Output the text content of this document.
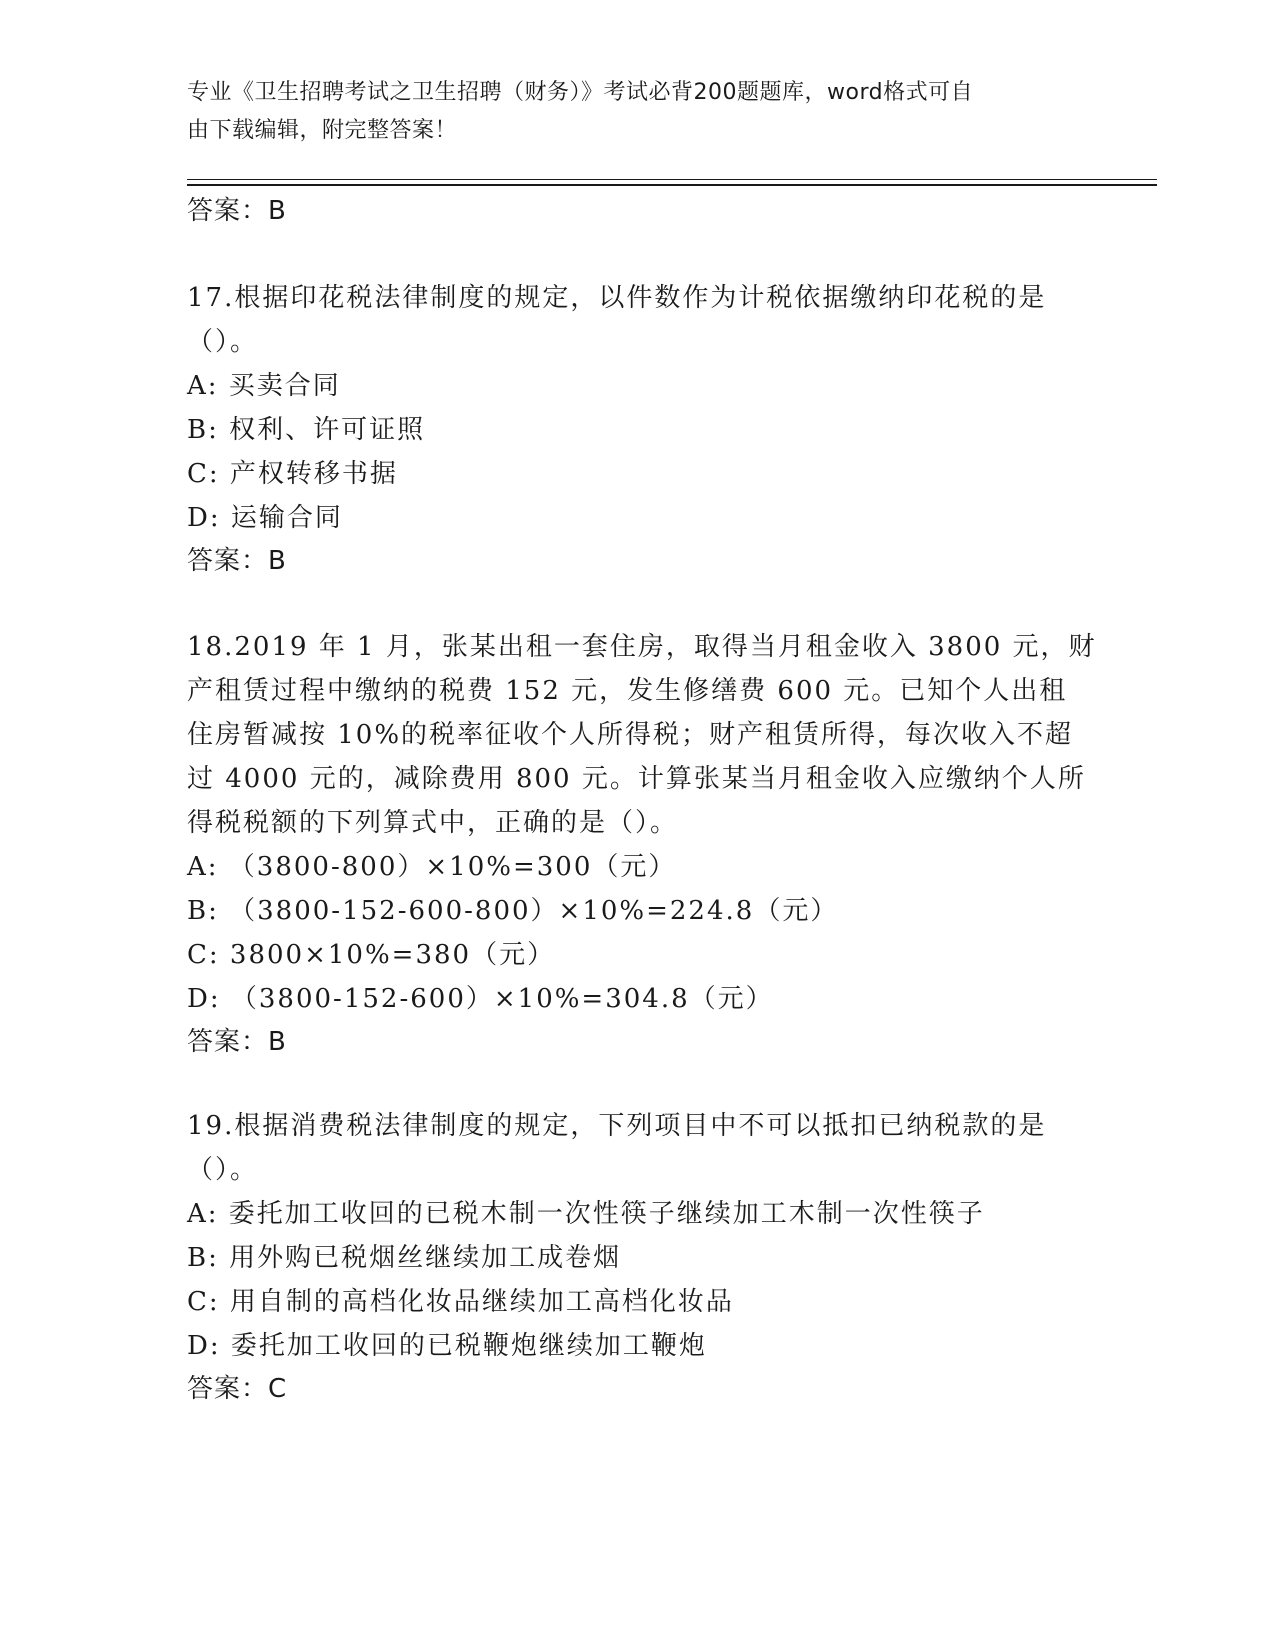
专业《卫生招聘考试之卫生招聘（财务）》考试必背200题题库，word格式可自
由下载编辑，附完整答案！
答案：B
17.根据印花税法律制度的规定，以件数作为计税依据缴纳印花税的是
（）。
A: 买卖合同
B: 权利、许可证照
C: 产权转移书据
D: 运输合同
答案：B
18.2019 年 1 月，张某出租一套住房，取得当月租金收入 3800 元，财
产租赁过程中缴纳的税费 152 元，发生修缮费 600 元。已知个人出租
住房暂减按 10%的税率征收个人所得税；财产租赁所得，每次收入不超
过 4000 元的，减除费用 800 元。计算张某当月租金收入应缴纳个人所
得税税额的下列算式中，正确的是（）。
A: （3800-800）×10%=300（元）
B: （3800-152-600-800）×10%=224.8（元）
C: 3800×10%=380（元）
D: （3800-152-600）×10%=304.8（元）
答案：B
19.根据消费税法律制度的规定，下列项目中不可以抵扣已纳税款的是
（）。
A: 委托加工收回的已税木制一次性筷子继续加工木制一次性筷子
B: 用外购已税烟丝继续加工成卷烟
C: 用自制的高档化妆品继续加工高档化妆品
D: 委托加工收回的已税鞭炮继续加工鞭炮
答案：C
